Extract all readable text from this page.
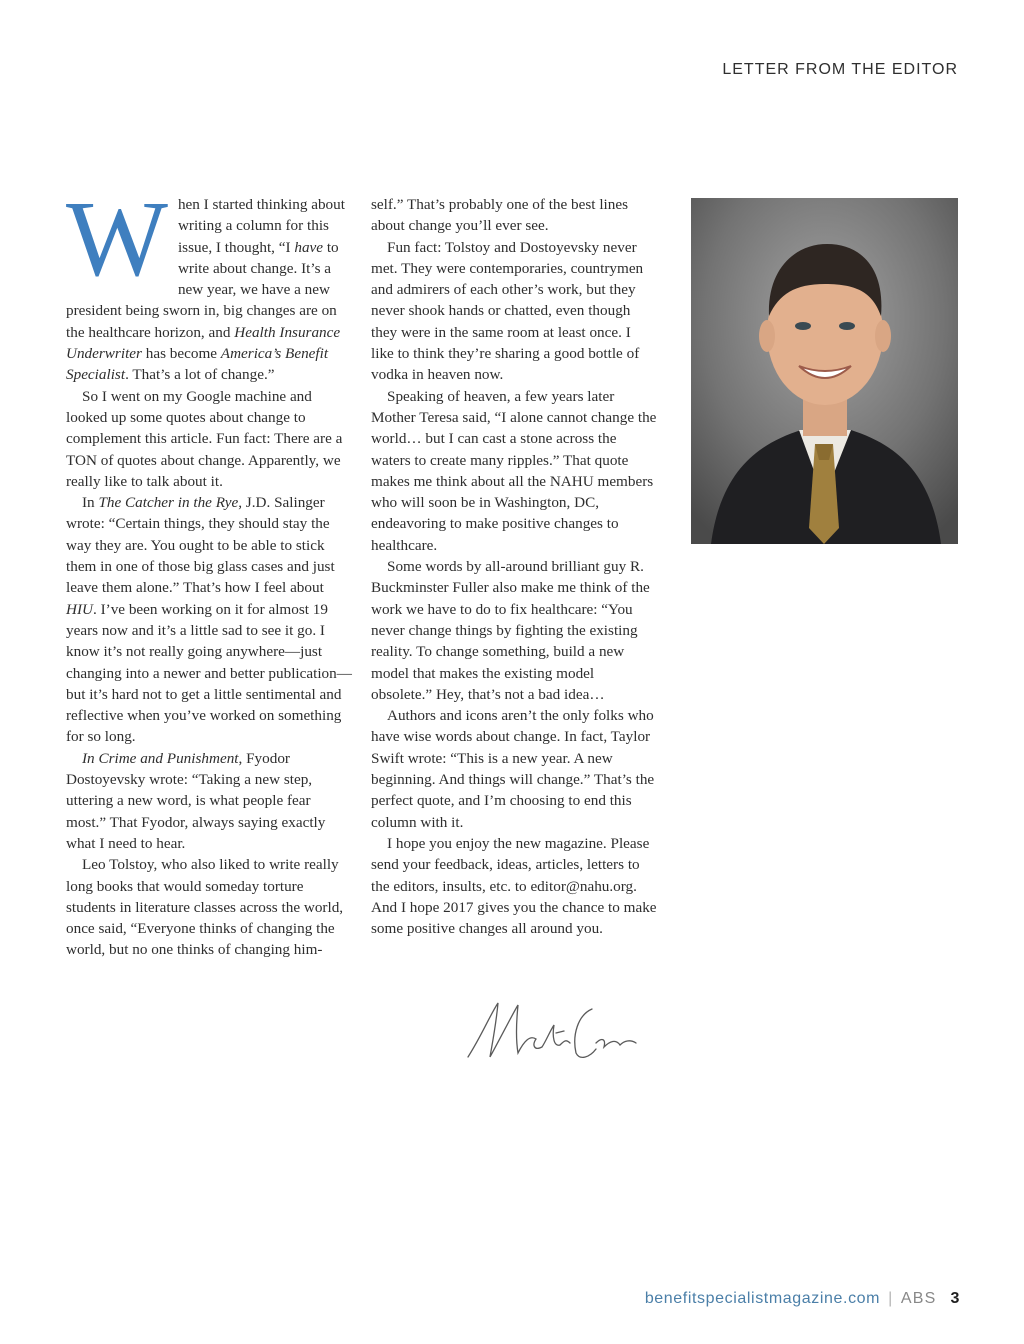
LETTER FROM THE EDITOR
W hen I started thinking about writing a column for this issue, I thought, “I have to write about change. It’s a new year, we have a new president being sworn in, big changes are on the healthcare horizon, and Health Insurance Underwriter has become America’s Benefit Specialist. That’s a lot of change.”

So I went on my Google machine and looked up some quotes about change to complement this article. Fun fact: There are a TON of quotes about change. Apparently, we really like to talk about it.

In The Catcher in the Rye, J.D. Salinger wrote: “Certain things, they should stay the way they are. You ought to be able to stick them in one of those big glass cases and just leave them alone.” That’s how I feel about HIU. I’ve been working on it for almost 19 years now and it’s a little sad to see it go. I know it’s not really going anywhere—just changing into a newer and better publication—but it’s hard not to get a little sentimental and reflective when you’ve worked on something for so long.

In Crime and Punishment, Fyodor Dostoyevsky wrote: “Taking a new step, uttering a new word, is what people fear most.” That Fyodor, always saying exactly what I need to hear.

Leo Tolstoy, who also liked to write really long books that would someday torture students in literature classes across the world, once said, “Everyone thinks of changing the world, but no one thinks of changing him-

self.” That’s probably one of the best lines about change you’ll ever see.

Fun fact: Tolstoy and Dostoyevsky never met. They were contemporaries, countrymen and admirers of each other’s work, but they never shook hands or chatted, even though they were in the same room at least once. I like to think they’re sharing a good bottle of vodka in heaven now.

Speaking of heaven, a few years later Mother Teresa said, “I alone cannot change the world… but I can cast a stone across the waters to create many ripples.” That quote makes me think about all the NAHU members who will soon be in Washington, DC, endeavoring to make positive changes to healthcare.

Some words by all-around brilliant guy R. Buckminster Fuller also make me think of the work we have to do to fix healthcare: “You never change things by fighting the existing reality. To change something, build a new model that makes the existing model obsolete.” Hey, that’s not a bad idea…

Authors and icons aren’t the only folks who have wise words about change. In fact, Taylor Swift wrote: “This is a new year. A new beginning. And things will change.” That’s the perfect quote, and I’m choosing to end this column with it.

I hope you enjoy the new magazine. Please send your feedback, ideas, articles, letters to the editors, insults, etc. to editor@nahu.org. And I hope 2017 gives you the chance to make some positive changes all around you.

benefitspecialistmagazine.com | ABS 3
